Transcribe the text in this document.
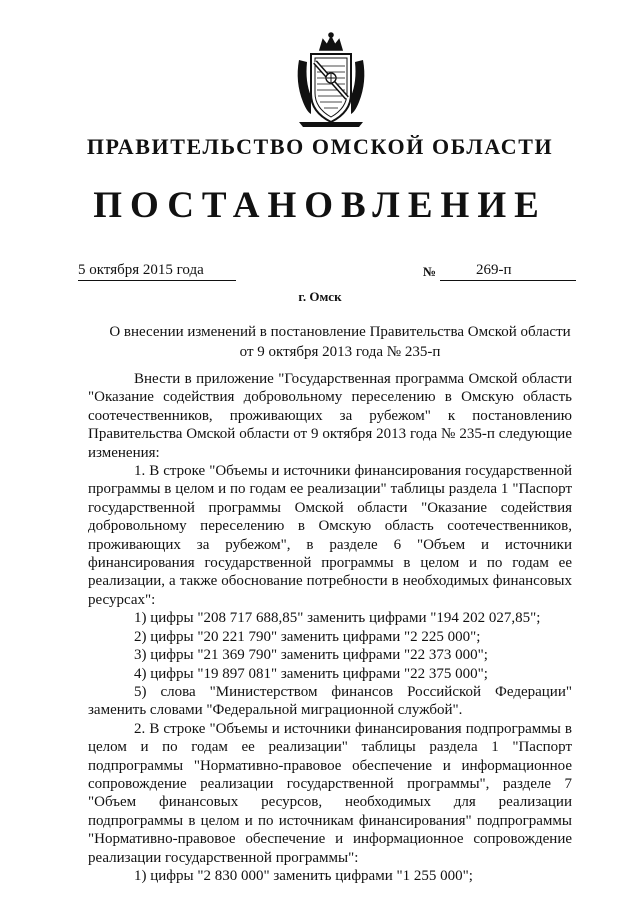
ПРАВИТЕЛЬСТВО ОМСКОЙ ОБЛАСТИ
ПОСТАНОВЛЕНИЕ
5 октября 2015 года	№	269-п
г. Омск
О внесении изменений в постановление Правительства Омской области
от 9 октября 2013 года № 235-п

Внести в приложение "Государственная программа Омской области "Оказание содействия добровольному переселению в Омскую область соотечественников, проживающих за рубежом" к постановлению Правительства Омской области от 9 октября 2013 года № 235-п следующие изменения:

1. В строке "Объемы и источники финансирования государственной программы в целом и по годам ее реализации" таблицы раздела 1 "Паспорт государственной программы Омской области "Оказание содействия добровольному переселению в Омскую область соотечественников, проживающих за рубежом", в разделе 6 "Объем и источники финансирования государственной программы в целом и по годам ее реализации, а также обоснование потребности в необходимых финансовых ресурсах":

1) цифры "208 717 688,85" заменить цифрами "194 202 027,85";

2) цифры "20 221 790" заменить цифрами "2 225 000";

3) цифры "21 369 790" заменить цифрами "22 373 000";

4) цифры "19 897 081" заменить цифрами "22 375 000";

5) слова "Министерством финансов Российской Федерации" заменить словами "Федеральной миграционной службой".

2. В строке "Объемы и источники финансирования подпрограммы в целом и по годам ее реализации" таблицы раздела 1 "Паспорт подпрограммы "Нормативно-правовое обеспечение и информационное сопровождение реализации государственной программы", разделе 7 "Объем финансовых ресурсов, необходимых для реализации подпрограммы в целом и по источникам финансирования" подпрограммы "Нормативно-правовое обеспечение и информационное сопровождение реализации государственной программы":

1) цифры "2 830 000" заменить цифрами "1 255 000";
